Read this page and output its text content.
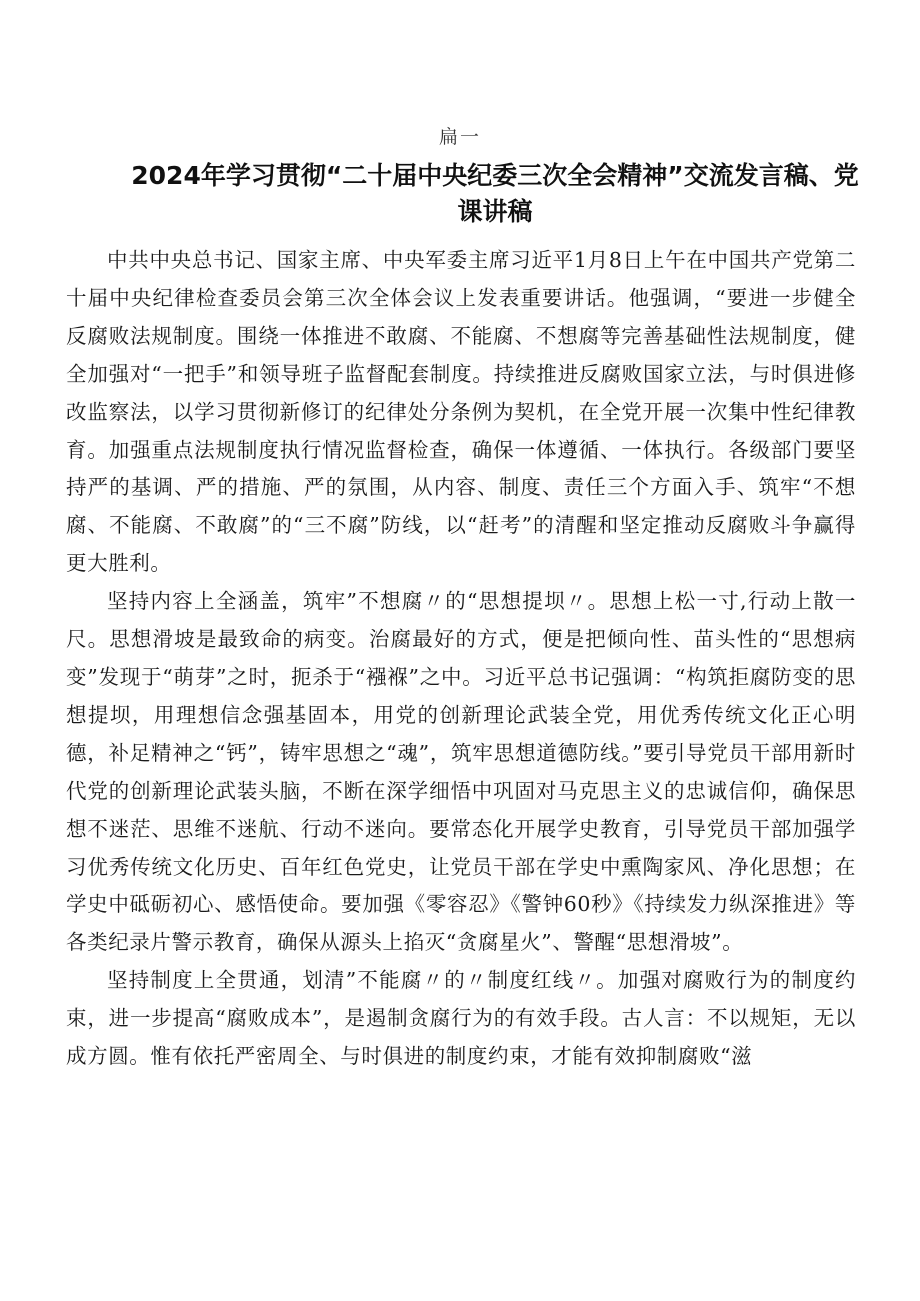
扁一
2024年学习贯彻“二十届中央纪委三次全会精神”交流发言稿、党课讲稿

中共中央总书记、国家主席、中央军委主席习近平1月8日上午在中国共产党第二十届中央纪律检查委员会第三次全体会议上发表重要讲话。他强调，“要进一步健全反腐败法规制度。围绕一体推进不敢腐、不能腐、不想腐等完善基础性法规制度，健全加强对“一把手”和领导班子监督配套制度。持续推进反腐败国家立法，与时俱进修改监察法，以学习贯彻新修订的纪律处分条例为契机，在全党开展一次集中性纪律教育。加强重点法规制度执行情况监督检查，确保一体遵循、一体执行。各级部门要坚持严的基调、严的措施、严的氛围，从内容、制度、责任三个方面入手、筑牢“不想腐、不能腐、不敢腐”的“三不腐”防线，以“赶考”的清醒和坚定推动反腐败斗争赢得更大胜利。

坚持内容上全涵盖，筑牢”不想腐〃的“思想提坝〃。思想上松一寸,行动上散一尺。思想滑坡是最致命的病变。治腐最好的方式，便是把倾向性、苗头性的“思想病变”发现于“萌芽”之时，扼杀于“襁褓”之中。习近平总书记强调：“构筑拒腐防变的思想提坝，用理想信念强基固本，用党的创新理论武装全党，用优秀传统文化正心明德，补足精神之“钙”，铸牢思想之“魂”，筑牢思想道德防线。”要引导党员干部用新时代党的创新理论武装头脑，不断在深学细悟中巩固对马克思主义的忠诚信仰，确保思想不迷茫、思维不迷航、行动不迷向。要常态化开展学史教育，引导党员干部加强学习优秀传统文化历史、百年红色党史，让党员干部在学史中熏陶家风、净化思想；在学史中砥砺初心、感悟使命。要加强《零容忍》《警钟60秒》《持续发力纵深推进》等各类纪录片警示教育，确保从源头上掐灭“贪腐星火”、警醒“思想滑坡”。

坚持制度上全贯通，划清”不能腐〃的〃制度红线〃。加强对腐败行为的制度约束，进一步提高“腐败成本”，是遏制贪腐行为的有效手段。古人言：不以规矩，无以成方圆。惟有依托严密周全、与时俱进的制度约束，才能有效抑制腐败“滋
